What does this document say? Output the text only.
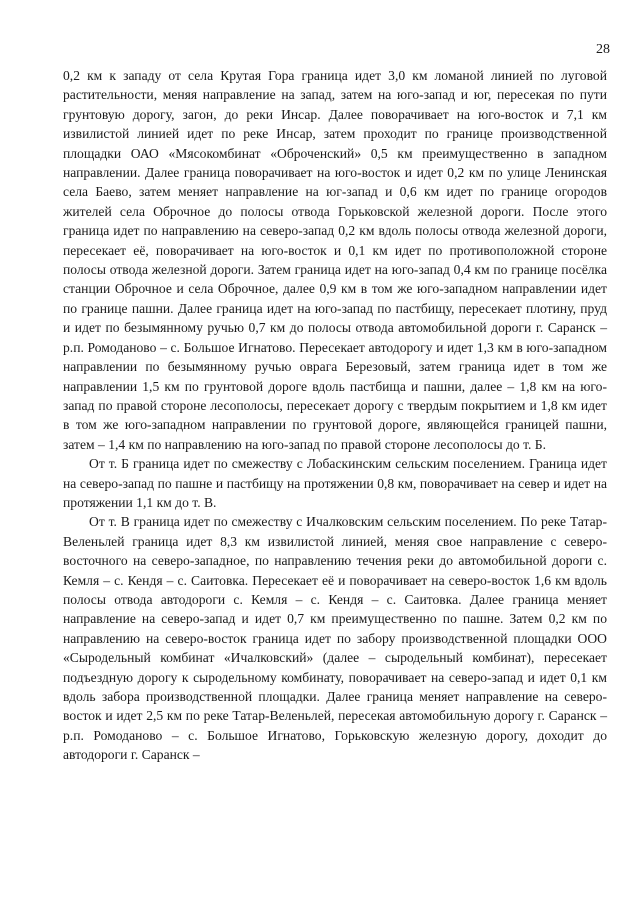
28

0,2 км к западу от села Крутая Гора граница идет 3,0 км ломаной линией по луговой растительности, меняя направление на запад, затем на юго-запад и юг, пересекая по пути грунтовую дорогу, загон, до реки Инсар. Далее поворачивает на юго-восток и 7,1 км извилистой линией идет по реке Инсар, затем проходит по границе производственной площадки ОАО «Мясокомбинат «Оброченский» 0,5 км преимущественно в западном направлении. Далее граница поворачивает на юго-восток и идет 0,2 км по улице Ленинская села Баево, затем меняет направление на юг-запад и 0,6 км идет по границе огородов жителей села Оброчное до полосы отвода Горьковской железной дороги. После этого граница идет по направлению на северо-запад 0,2 км вдоль полосы отвода железной дороги, пересекает её, поворачивает на юго-восток и 0,1 км идет по противоположной стороне полосы отвода железной дороги. Затем граница идет на юго-запад 0,4 км по границе посёлка станции Оброчное и села Оброчное, далее 0,9 км в том же юго-западном направлении идет по границе пашни. Далее граница идет на юго-запад по пастбищу, пересекает плотину, пруд и идет по безымянному ручью 0,7 км до полосы отвода автомобильной дороги г. Саранск – р.п. Ромоданово – с. Большое Игнатово. Пересекает автодорогу и идет 1,3 км в юго-западном направлении по безымянному ручью оврага Березовый, затем граница идет в том же направлении 1,5 км по грунтовой дороге вдоль пастбища и пашни, далее – 1,8 км на юго-запад по правой стороне лесополосы, пересекает дорогу с твердым покрытием и 1,8 км идет в том же юго-западном направлении по грунтовой дороге, являющейся границей пашни, затем – 1,4 км по направлению на юго-запад по правой стороне лесополосы до т. Б.

От т. Б граница идет по смежеству с Лобаскинским сельским поселением. Граница идет на северо-запад по пашне и пастбищу на протяжении 0,8 км, поворачивает на север и идет на протяжении 1,1 км до т. В.

От т. В граница идет по смежеству с Ичалковским сельским поселением. По реке Татар-Веленьлей граница идет 8,3 км извилистой линией, меняя свое направление с северо-восточного на северо-западное, по направлению течения реки до автомобильной дороги с. Кемля – с. Кендя – с. Саитовка. Пересекает её и поворачивает на северо-восток 1,6 км вдоль полосы отвода автодороги с. Кемля – с. Кендя – с. Саитовка. Далее граница меняет направление на северо-запад и идет 0,7 км преимущественно по пашне. Затем 0,2 км по направлению на северо-восток граница идет по забору производственной площадки ООО «Сыродельный комбинат «Ичалковский» (далее – сыродельный комбинат), пересекает подъездную дорогу к сыродельному комбинату, поворачивает на северо-запад и идет 0,1 км вдоль забора производственной площадки. Далее граница меняет направление на северо-восток и идет 2,5 км по реке Татар-Веленьлей, пересекая автомобильную дорогу г. Саранск – р.п. Ромоданово – с. Большое Игнатово, Горьковскую железную дорогу, доходит до автодороги г. Саранск –
